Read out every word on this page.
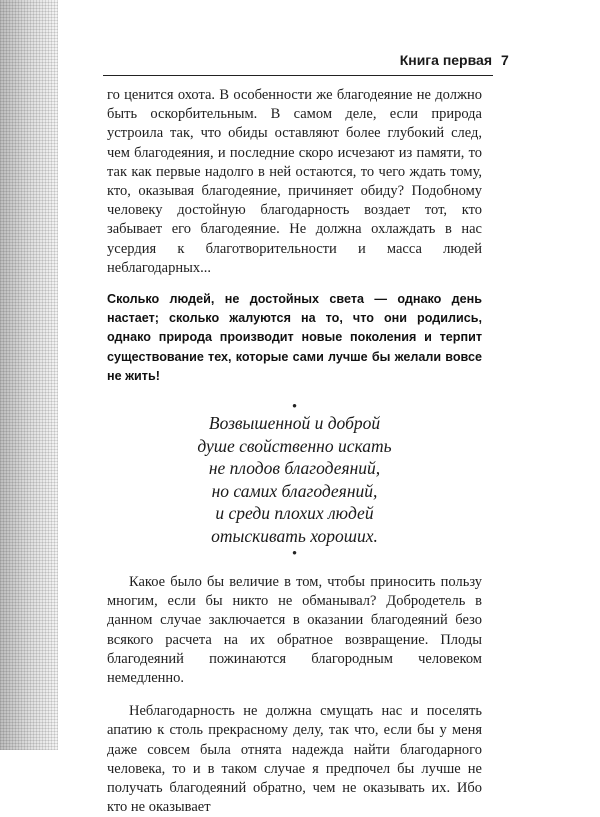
Книга первая 7

го ценится охота. В особенности же благодеяние не должно быть оскорбительным. В самом деле, если природа устроила так, что обиды оставляют более глубокий след, чем благодеяния, и последние скоро исчезают из памяти, то так как первые надолго в ней остаются, то чего ждать тому, кто, оказывая благодеяние, причиняет обиду? Подобному человеку достойную благодарность воздает тот, кто забывает его благодеяние. Не должна охлаждать в нас усердия к благотворительности и масса людей неблагодарных...

Сколько людей, не достойных света — однако день настает; сколько жалуются на то, что они родились, однако природа производит новые поколения и терпит существование тех, которые сами лучше бы желали вовсе не жить!

•
Возвышенной и доброй
душе свойственно искать
не плодов благодеяний,
но самих благодеяний,
и среди плохих людей
отыскивать хороших.
•

Какое было бы величие в том, чтобы приносить пользу многим, если бы никто не обманывал? Добродетель в данном случае заключается в оказании благодеяний безо всякого расчета на их обратное возвращение. Плоды благодеяний пожинаются благородным человеком немедленно.

Неблагодарность не должна смущать нас и поселять апатию к столь прекрасному делу, так что, если бы у меня даже совсем была отнята надежда найти благодарного человека, то и в таком случае я предпочел бы лучше не получать благодеяний обратно, чем не оказывать их. Ибо кто не оказывает
